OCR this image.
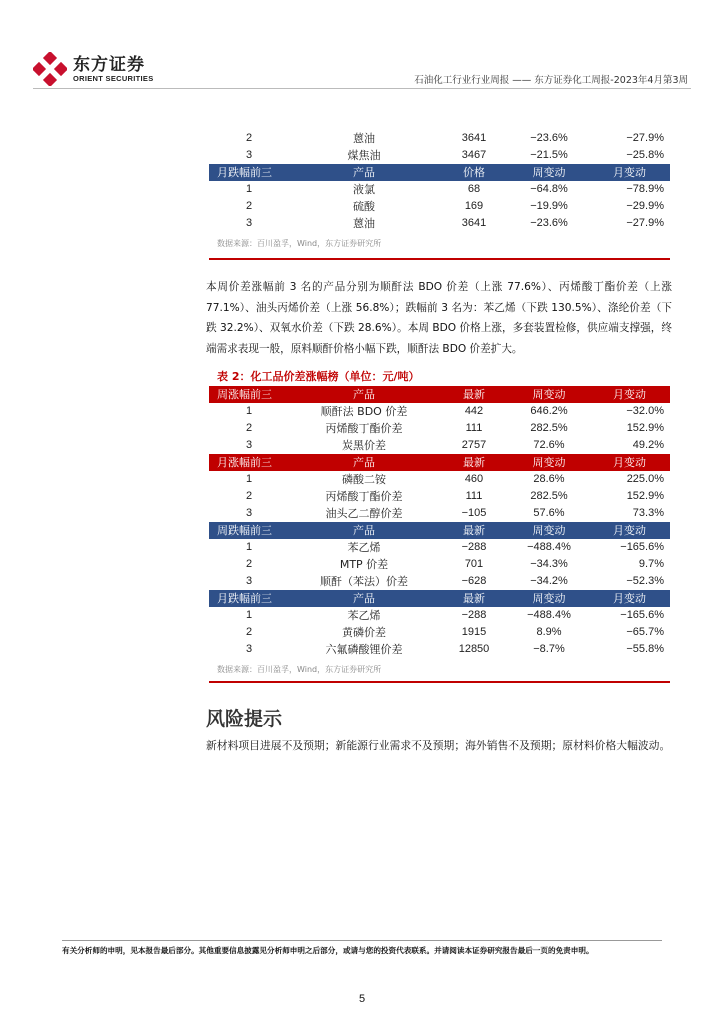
东方证券
ORIENT SECURITIES	石油化工行业行业周报 —— 东方证券化工周报-2023年4月第3周
2	蒽油	3641	−23.6%	−27.9%
3	煤焦油	3467	−21.5%	−25.8%
月跌幅前三	产品	价格	周变动	月变动
1	液氯	68	−64.8%	−78.9%
2	硫酸	169	−19.9%	−29.9%
3	蒽油	3641	−23.6%	−27.9%
数据来源：百川盈孚，Wind，东方证券研究所
本周价差涨幅前 3 名的产品分别为顺酐法 BDO 价差（上涨 77.6%）、丙烯酸丁酯价差（上涨 77.1%）、油头丙烯价差（上涨 56.8%）；跌幅前 3 名为：苯乙烯（下跌 130.5%）、涤纶价差（下跌 32.2%）、双氧水价差（下跌 28.6%）。本周 BDO 价格上涨，多套装置检修，供应端支撑强，终端需求表现一般，原料顺酐价格小幅下跌，顺酐法 BDO 价差扩大。
表 2：化工品价差涨幅榜（单位：元/吨）
周涨幅前三	产品	最新	周变动	月变动
1	顺酐法 BDO 价差	442	646.2%	−32.0%
2	丙烯酸丁酯价差	111	282.5%	152.9%
3	炭黑价差	2757	72.6%	49.2%
月涨幅前三	产品	最新	周变动	月变动
1	磷酸二铵	460	28.6%	225.0%
2	丙烯酸丁酯价差	111	282.5%	152.9%
3	油头乙二醇价差	−105	57.6%	73.3%
周跌幅前三	产品	最新	周变动	月变动
1	苯乙烯	−288	−488.4%	−165.6%
2	MTP 价差	701	−34.3%	9.7%
3	顺酐（苯法）价差	−628	−34.2%	−52.3%
月跌幅前三	产品	最新	周变动	月变动
1	苯乙烯	−288	−488.4%	−165.6%
2	黄磷价差	1915	8.9%	−65.7%
3	六氟磷酸锂价差	12850	−8.7%	−55.8%
数据来源：百川盈孚，Wind，东方证券研究所
风险提示
新材料项目进展不及预期；新能源行业需求不及预期；海外销售不及预期；原材料价格大幅波动。
有关分析师的申明，见本报告最后部分。其他重要信息披露见分析师申明之后部分，或请与您的投资代表联系。并请阅读本证券研究报告最后一页的免责申明。
5
